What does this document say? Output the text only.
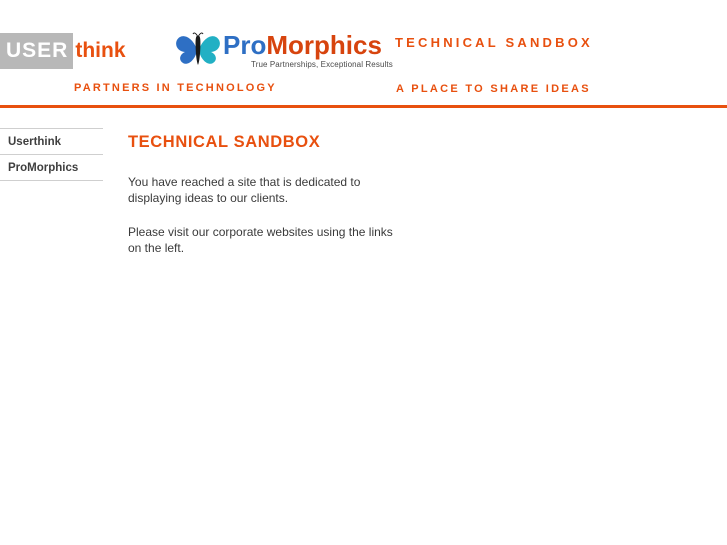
USER think	ProMorphics
True Partnerships, Exceptional Results
TECHNICAL SANDBOX
PARTNERS IN TECHNOLOGY	A PLACE TO SHARE IDEAS
Userthink
ProMorphics
TECHNICAL SANDBOX

You have reached a site that is dedicated to displaying ideas to our clients.

Please visit our corporate websites using the links on the left.
